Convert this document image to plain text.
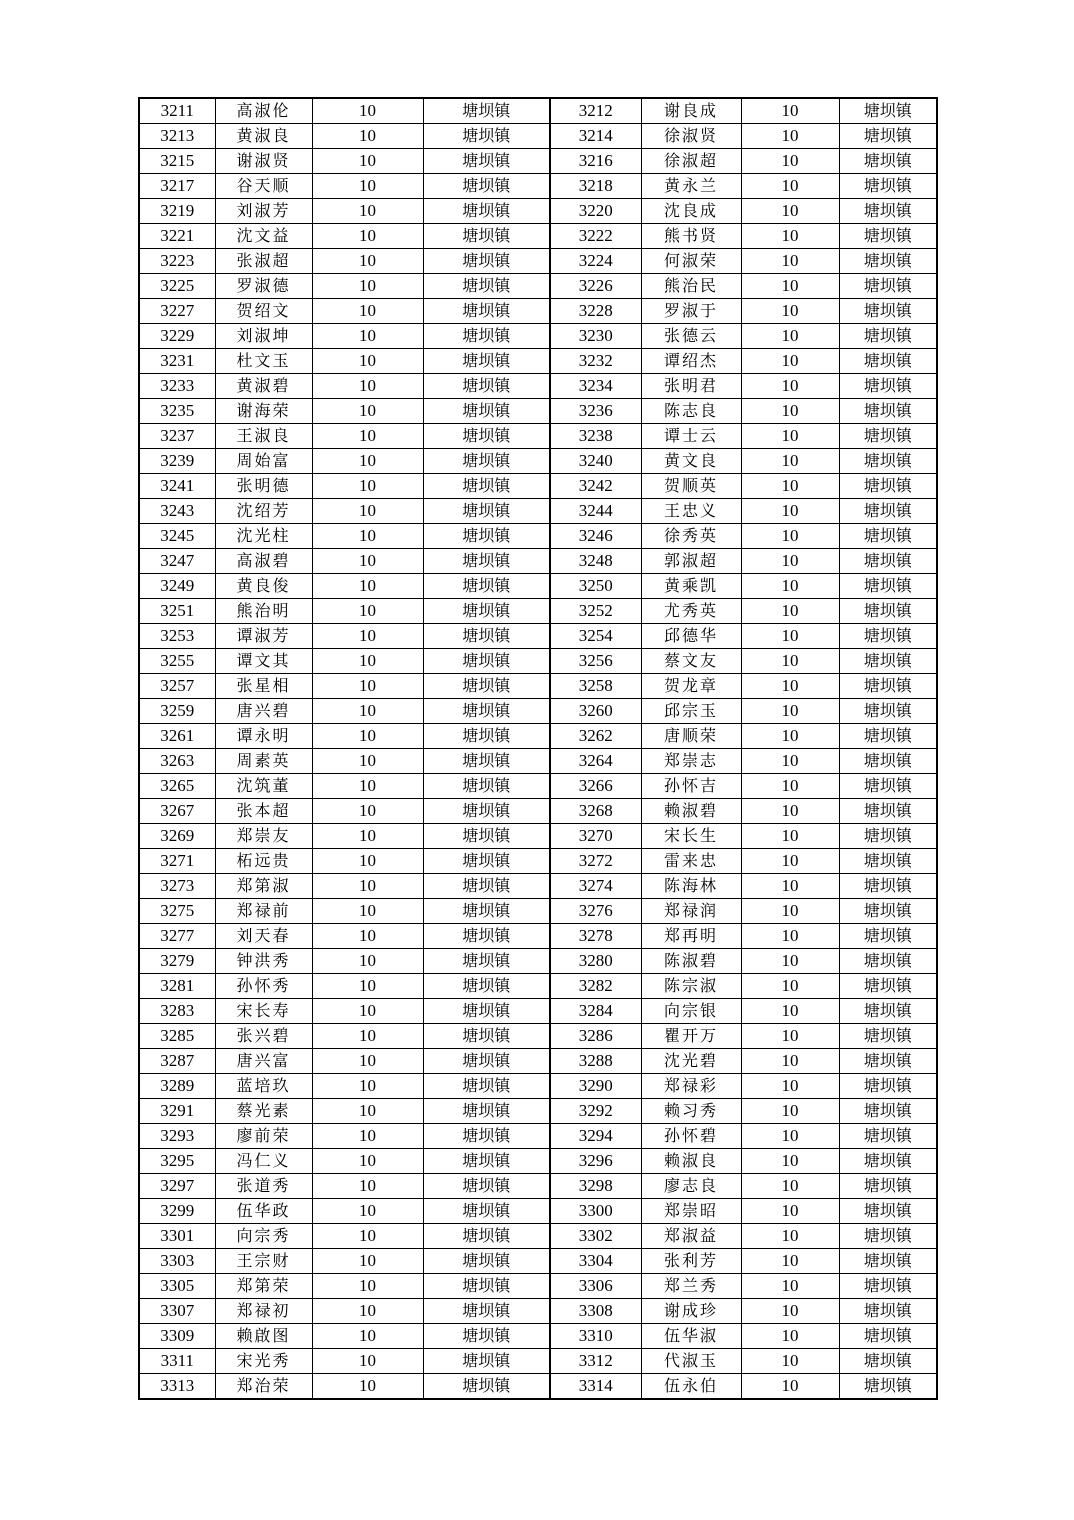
3211	高淑伦	10	塘坝镇	3212	谢良成	10	塘坝镇
3213	黄淑良	10	塘坝镇	3214	徐淑贤	10	塘坝镇
3215	谢淑贤	10	塘坝镇	3216	徐淑超	10	塘坝镇
3217	谷天顺	10	塘坝镇	3218	黄永兰	10	塘坝镇
3219	刘淑芳	10	塘坝镇	3220	沈良成	10	塘坝镇
3221	沈文益	10	塘坝镇	3222	熊书贤	10	塘坝镇
3223	张淑超	10	塘坝镇	3224	何淑荣	10	塘坝镇
3225	罗淑德	10	塘坝镇	3226	熊治民	10	塘坝镇
3227	贺绍文	10	塘坝镇	3228	罗淑于	10	塘坝镇
3229	刘淑坤	10	塘坝镇	3230	张德云	10	塘坝镇
3231	杜文玉	10	塘坝镇	3232	谭绍杰	10	塘坝镇
3233	黄淑碧	10	塘坝镇	3234	张明君	10	塘坝镇
3235	谢海荣	10	塘坝镇	3236	陈志良	10	塘坝镇
3237	王淑良	10	塘坝镇	3238	谭士云	10	塘坝镇
3239	周始富	10	塘坝镇	3240	黄文良	10	塘坝镇
3241	张明德	10	塘坝镇	3242	贺顺英	10	塘坝镇
3243	沈绍芳	10	塘坝镇	3244	王忠义	10	塘坝镇
3245	沈光柱	10	塘坝镇	3246	徐秀英	10	塘坝镇
3247	高淑碧	10	塘坝镇	3248	郭淑超	10	塘坝镇
3249	黄良俊	10	塘坝镇	3250	黄乘凯	10	塘坝镇
3251	熊治明	10	塘坝镇	3252	尤秀英	10	塘坝镇
3253	谭淑芳	10	塘坝镇	3254	邱德华	10	塘坝镇
3255	谭文其	10	塘坝镇	3256	蔡文友	10	塘坝镇
3257	张星相	10	塘坝镇	3258	贺龙章	10	塘坝镇
3259	唐兴碧	10	塘坝镇	3260	邱宗玉	10	塘坝镇
3261	谭永明	10	塘坝镇	3262	唐顺荣	10	塘坝镇
3263	周素英	10	塘坝镇	3264	郑崇志	10	塘坝镇
3265	沈筑董	10	塘坝镇	3266	孙怀吉	10	塘坝镇
3267	张本超	10	塘坝镇	3268	赖淑碧	10	塘坝镇
3269	郑崇友	10	塘坝镇	3270	宋长生	10	塘坝镇
3271	柘远贵	10	塘坝镇	3272	雷来忠	10	塘坝镇
3273	郑第淑	10	塘坝镇	3274	陈海林	10	塘坝镇
3275	郑禄前	10	塘坝镇	3276	郑禄润	10	塘坝镇
3277	刘天春	10	塘坝镇	3278	郑再明	10	塘坝镇
3279	钟洪秀	10	塘坝镇	3280	陈淑碧	10	塘坝镇
3281	孙怀秀	10	塘坝镇	3282	陈宗淑	10	塘坝镇
3283	宋长寿	10	塘坝镇	3284	向宗银	10	塘坝镇
3285	张兴碧	10	塘坝镇	3286	瞿开万	10	塘坝镇
3287	唐兴富	10	塘坝镇	3288	沈光碧	10	塘坝镇
3289	蓝培玖	10	塘坝镇	3290	郑禄彩	10	塘坝镇
3291	蔡光素	10	塘坝镇	3292	赖习秀	10	塘坝镇
3293	廖前荣	10	塘坝镇	3294	孙怀碧	10	塘坝镇
3295	冯仁义	10	塘坝镇	3296	赖淑良	10	塘坝镇
3297	张道秀	10	塘坝镇	3298	廖志良	10	塘坝镇
3299	伍华政	10	塘坝镇	3300	郑崇昭	10	塘坝镇
3301	向宗秀	10	塘坝镇	3302	郑淑益	10	塘坝镇
3303	王宗财	10	塘坝镇	3304	张利芳	10	塘坝镇
3305	郑第荣	10	塘坝镇	3306	郑兰秀	10	塘坝镇
3307	郑禄初	10	塘坝镇	3308	谢成珍	10	塘坝镇
3309	赖啟图	10	塘坝镇	3310	伍华淑	10	塘坝镇
3311	宋光秀	10	塘坝镇	3312	代淑玉	10	塘坝镇
3313	郑治荣	10	塘坝镇	3314	伍永伯	10	塘坝镇
